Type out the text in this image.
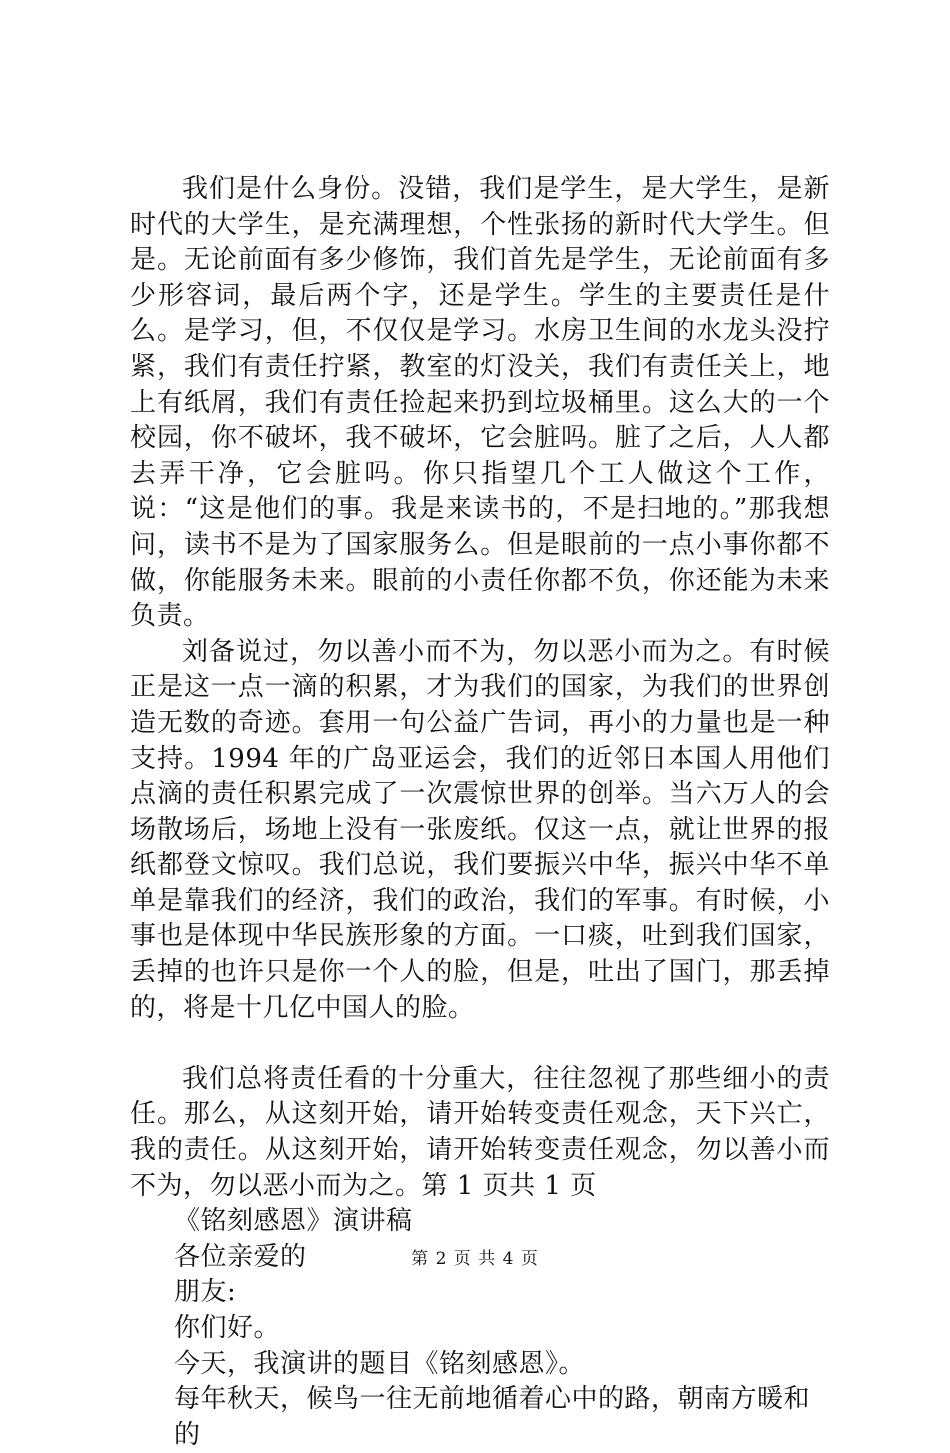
我们是什么身份。没错，我们是学生，是大学生，是新时代的大学生，是充满理想，个性张扬的新时代大学生。但是。无论前面有多少修饰，我们首先是学生，无论前面有多少形容词，最后两个字，还是学生。学生的主要责任是什么。是学习，但，不仅仅是学习。水房卫生间的水龙头没拧紧，我们有责任拧紧，教室的灯没关，我们有责任关上，地上有纸屑，我们有责任捡起来扔到垃圾桶里。这么大的一个校园，你不破坏，我不破坏，它会脏吗。脏了之后，人人都去弄干净，它会脏吗。你只指望几个工人做这个工作，说：“这是他们的事。我是来读书的，不是扫地的。”那我想问，读书不是为了国家服务么。但是眼前的一点小事你都不做，你能服务未来。眼前的小责任你都不负，你还能为未来负责。

刘备说过，勿以善小而不为，勿以恶小而为之。有时候正是这一点一滴的积累，才为我们的国家，为我们的世界创造无数的奇迹。套用一句公益广告词，再小的力量也是一种支持。1994 年的广岛亚运会，我们的近邻日本国人用他们点滴的责任积累完成了一次震惊世界的创举。当六万人的会场散场后，场地上没有一张废纸。仅这一点，就让世界的报纸都登文惊叹。我们总说，我们要振兴中华，振兴中华不单单是靠我们的经济，我们的政治，我们的军事。有时候，小事也是体现中华民族形象的方面。一口痰，吐到我们国家，丢掉的也许只是你一个人的脸，但是，吐出了国门，那丢掉的，将是十几亿中国人的脸。

我们总将责任看的十分重大，往往忽视了那些细小的责任。那么，从这刻开始，请开始转变责任观念，天下兴亡，我的责任。从这刻开始，请开始转变责任观念，勿以善小而不为，勿以恶小而为之。第 1 页共 1 页

《铭刻感恩》演讲稿

各位亲爱的

朋友:

你们好。

今天，我演讲的题目《铭刻感恩》。

每年秋天，候鸟一往无前地循着心中的路，朝南方暖和的

第 2 页 共 4 页
